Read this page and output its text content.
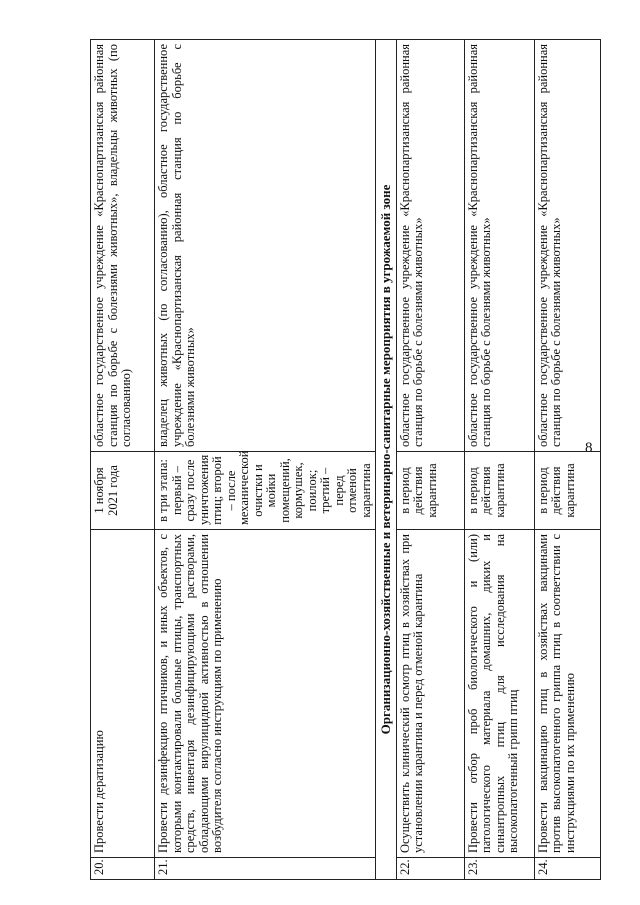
8
20.	Провести дератизацию	1 ноября 2021 года	областное государственное учреждение «Краснопартизанская районная станция по борьбе с болезнями животных», владельцы животных (по согласованию)
21.	Провести дезинфекцию птичников, и иных объектов, с которыми контактировали больные птицы, транспортных средств, инвентаря дезинфицирующими растворами, обладающими вирулицидной активностью в отношении возбудителя согласно инструкциям по применению	в три этапа: первый – сразу после уничтожения птиц; второй – после механической очистки и мойки помещений, кормушек, поилок; третий – перед отменой карантина	владелец животных (по согласованию), областное государственное учреждение «Краснопартизанская районная станция по борьбе с болезнями животных»
Организационно-хозяйственные и ветеринарно-санитарные мероприятия в угрожаемой зоне			
22.	Осуществить клинический осмотр птиц в хозяйствах при установлении карантина и перед отменой карантина	в период действия карантина	областное государственное учреждение «Краснопартизанская районная станция по борьбе с болезнями животных»
23.	Провести отбор проб биологического и (или) патологического материала домашних, диких и синантропных птиц для исследования на высокопатогенный грипп птиц	в период действия карантина	областное государственное учреждение «Краснопартизанская районная станция по борьбе с болезнями животных»
24.	Провести вакцинацию птиц в хозяйствах вакцинами против высокопатогенного гриппа птиц в соответствии с инструкциями по их применению	в период действия карантина	областное государственное учреждение «Краснопартизанская районная станция по борьбе с болезнями животных»
